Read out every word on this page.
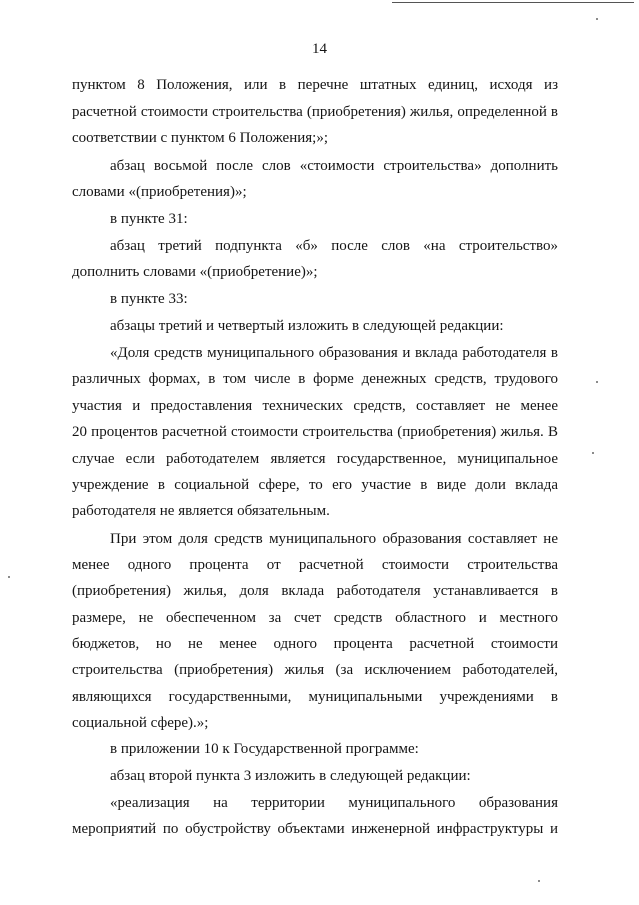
14
пунктом 8 Положения, или в перечне штатных единиц, исходя из
расчетной стоимости строительства (приобретения) жилья, определенной в
соответствии с пунктом 6 Положения;»;
абзац восьмой после слов «стоимости строительства» дополнить
словами «(приобретения)»;
в пункте 31:
абзац третий подпункта «б» после слов «на строительство»
дополнить словами «(приобретение)»;
в пункте 33:
абзацы третий и четвертый изложить в следующей редакции:
«Доля средств муниципального образования и вклада работодателя в
различных формах, в том числе в форме денежных средств, трудового
участия и предоставления технических средств, составляет не менее
20 процентов расчетной стоимости строительства (приобретения) жилья. В
случае если работодателем является государственное, муниципальное
учреждение в социальной сфере, то его участие в виде доли вклада
работодателя не является обязательным.
При этом доля средств муниципального образования составляет не
менее одного процента от расчетной стоимости строительства
(приобретения) жилья, доля вклада работодателя устанавливается в
размере, не обеспеченном за счет средств областного и местного
бюджетов, но не менее одного процента расчетной стоимости
строительства (приобретения) жилья (за исключением работодателей,
являющихся государственными, муниципальными учреждениями в
социальной сфере).»;
в приложении 10 к Государственной программе:
абзац второй пункта 3 изложить в следующей редакции:
«реализация на территории муниципального образования
мероприятий по обустройству объектами инженерной инфраструктуры и
